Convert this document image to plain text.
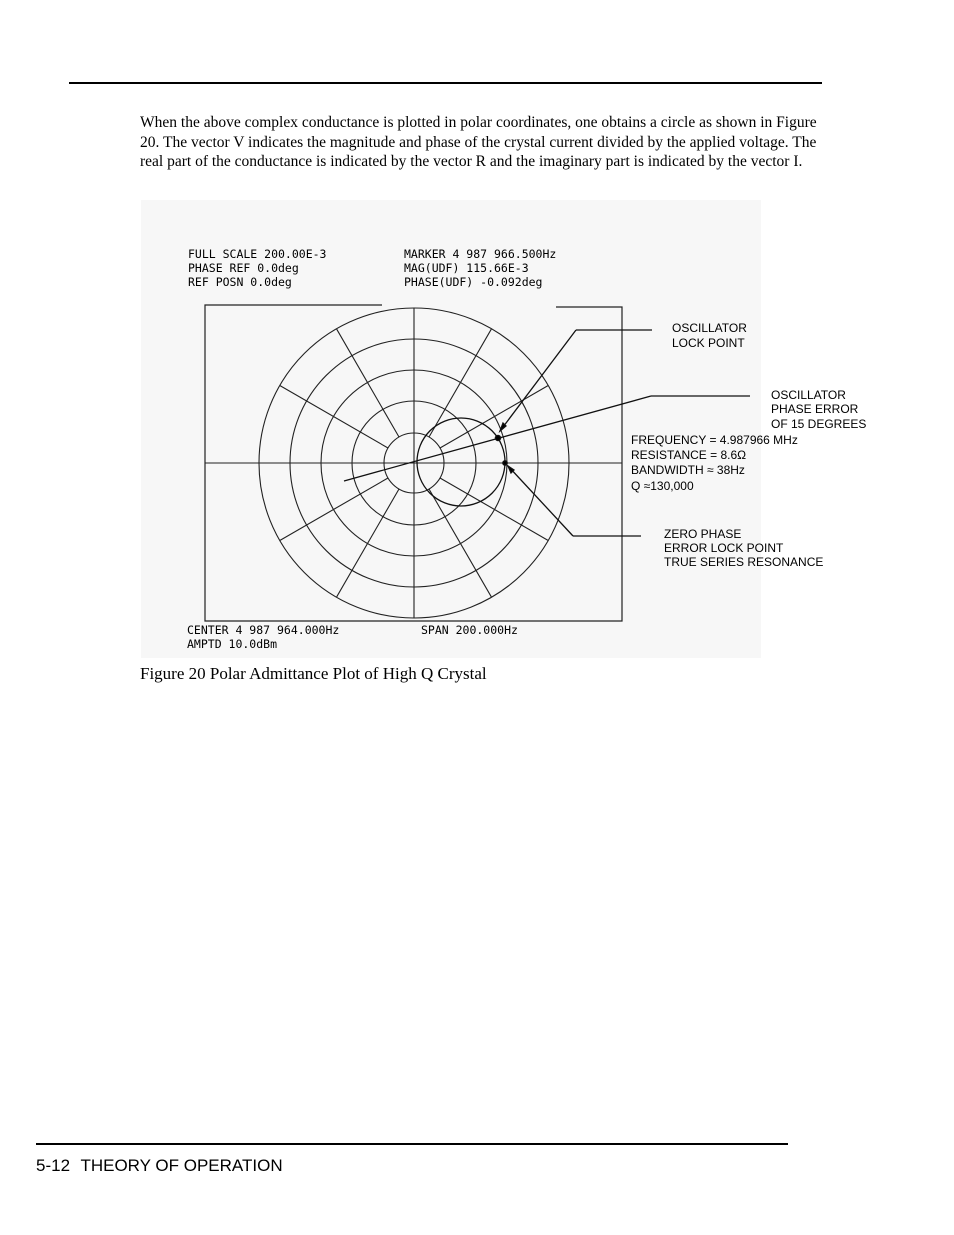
When the above complex conductance is plotted in polar coordinates, one obtains a circle as shown in Figure 20. The vector V indicates the magnitude and phase of the crystal current divided by the applied voltage. The real part of the conductance is indicated by the vector R and the imaginary part is indicated by the vector I.
FULL SCALE 200.00E-3
PHASE REF 0.0deg
REF POSN 0.0deg
MARKER 4 987 966.500Hz
MAG(UDF) 115.66E-3
PHASE(UDF) -0.092deg
OSCILLATOR
LOCK POINT
OSCILLATOR
PHASE ERROR
OF 15 DEGREES
FREQUENCY = 4.987966 MHz
RESISTANCE = 8.6Ω
BANDWIDTH ≈ 38Hz
Q ≈130,000
ZERO PHASE
ERROR LOCK POINT
TRUE SERIES RESONANCE
CENTER 4 987 964.000Hz
AMPTD 10.0dBm
SPAN 200.000Hz
Figure 20 Polar Admittance Plot of High Q Crystal
5-12 THEORY OF OPERATION
